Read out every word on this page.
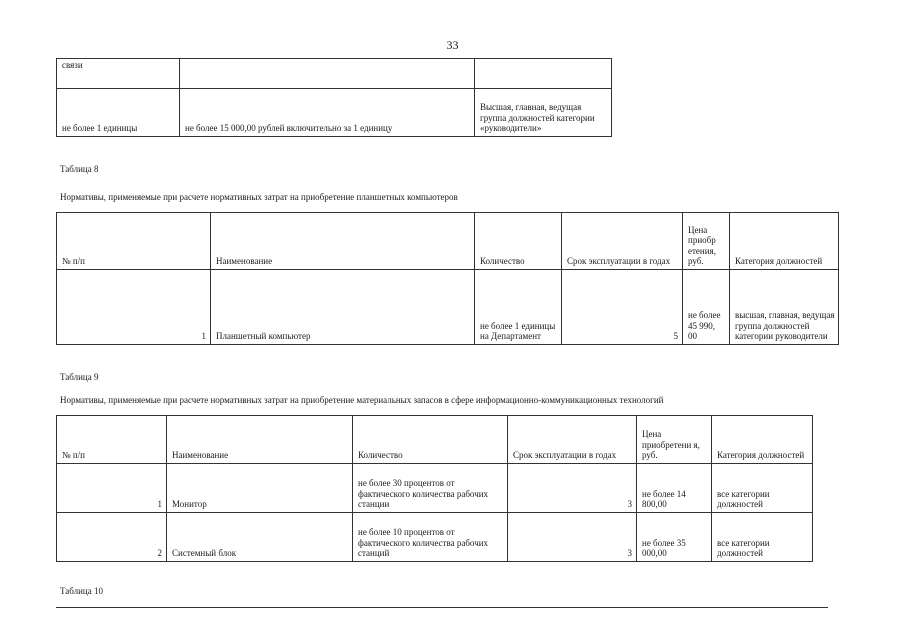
33
связи		
не более 1 единицы	не более 15 000,00 рублей включительно за 1 единицу	Высшая, главная, ведущая группа должностей категории «руководители»
Таблица 8
Нормативы, применяемые при расчете нормативных затрат на приобретение планшетных компьютеров
№ п/п	Наименование	Количество	Срок эксплуатации в годах	Цена приобр етения, руб.	Категория должностей
1	Планшетный компьютер	не более 1 единицы на Департамент	5	не более 45 990, 00	высшая, главная, ведущая группа должностей категории руководители
Таблица 9
Нормативы, применяемые при расчете нормативных затрат на приобретение материальных запасов в сфере информационно-коммуникационных технологий
№ п/п	Наименование	Количество	Срок эксплуатации в годах	Цена приобретени я, руб.	Категория должностей
1	Монитор	не более 30 процентов от фактического количества рабочих станции	3	не более 14 800,00	все категории должностей
2	Системный блок	не более 10 процентов от фактического количества рабочих станций	3	не более 35 000,00	все категории должностей
Таблица 10
